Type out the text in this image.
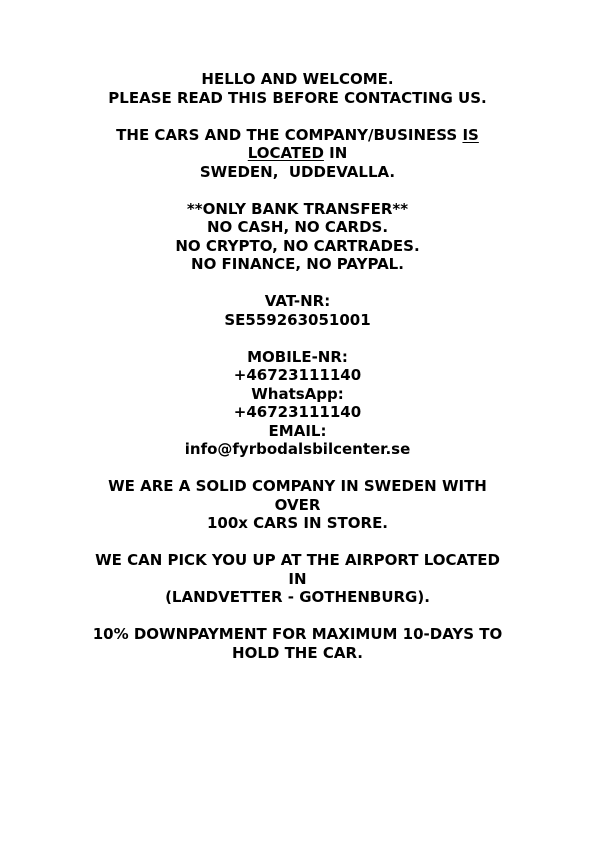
HELLO AND WELCOME.
PLEASE READ THIS BEFORE CONTACTING US.
THE CARS AND THE COMPANY/BUSINESS IS
LOCATED IN
SWEDEN,  UDDEVALLA.
**ONLY BANK TRANSFER**
NO CASH, NO CARDS.
NO CRYPTO, NO CARTRADES.
NO FINANCE, NO PAYPAL.
VAT-NR:
SE559263051001
MOBILE-NR:
+46723111140
WhatsApp:
+46723111140
EMAIL:
info@fyrbodalsbilcenter.se
WE ARE A SOLID COMPANY IN SWEDEN WITH
OVER
100x CARS IN STORE.
WE CAN PICK YOU UP AT THE AIRPORT LOCATED
IN
(LANDVETTER - GOTHENBURG).
10% DOWNPAYMENT FOR MAXIMUM 10-DAYS TO
HOLD THE CAR.
